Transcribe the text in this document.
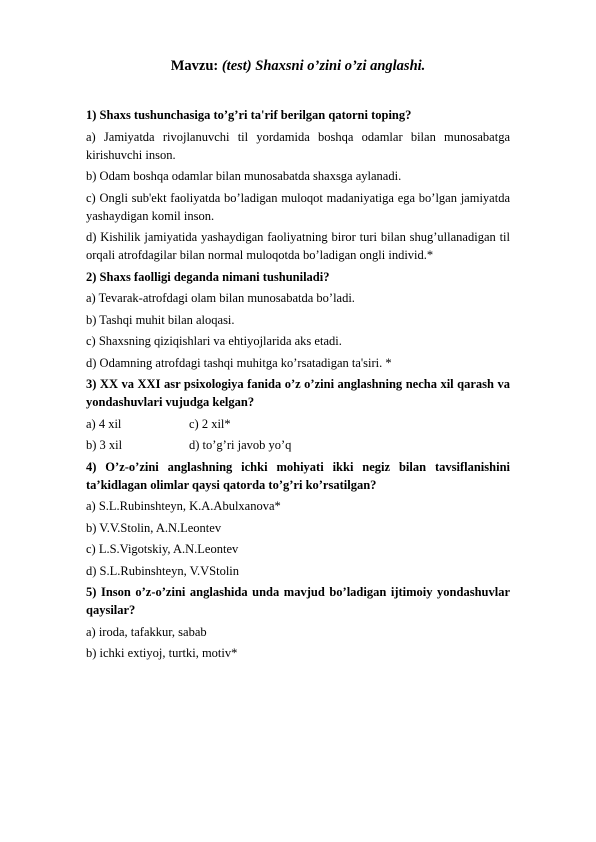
Mavzu: (test) Shaxsni o’zini o’zi anglashi.

1) Shaxs tushunchasiga to’g’ri ta'rif berilgan qatorni toping?

a) Jamiyatda rivojlanuvchi til yordamida boshqa odamlar bilan munosabatga kirishuvchi inson.

b) Odam boshqa odamlar bilan munosabatda shaxsga aylanadi.

c) Ongli sub'ekt faoliyatda bo’ladigan muloqot madaniyatiga ega bo’lgan jamiyatda yashaydigan komil inson.

d) Kishilik jamiyatida yashaydigan faoliyatning biror turi bilan shug’ullanadigan til orqali atrofdagilar bilan normal muloqotda bo’ladigan ongli individ.*

2) Shaxs faolligi deganda nimani tushuniladi?

a) Tevarak-atrofdagi olam bilan munosabatda bo’ladi.

b) Tashqi muhit bilan aloqasi.

c) Shaxsning qiziqishlari va ehtiyojlarida aks etadi.

d) Odamning atrofdagi tashqi muhitga ko’rsatadigan ta'siri. *

3) XX va XXI asr psixologiya fanida o’z o’zini anglashning necha xil qarash va yondashuvlari vujudga kelgan?

a) 4 xil	c) 2 xil*
b) 3 xil	d) to’g’ri javob yo’q

4) O’z-o’zini anglashning ichki mohiyati ikki negiz bilan tavsiflanishini ta’kidlagan olimlar qaysi qatorda to’g’ri ko’rsatilgan?

a) S.L.Rubinshteyn, K.A.Abulxanova*

b) V.V.Stolin, A.N.Leontev

c) L.S.Vigotskiy, A.N.Leontev

d) S.L.Rubinshteyn, V.VStolin

5) Inson o’z-o’zini anglashida unda mavjud bo’ladigan ijtimoiy yondashuvlar qaysilar?

a) iroda, tafakkur, sabab

b) ichki extiyoj, turtki, motiv*
